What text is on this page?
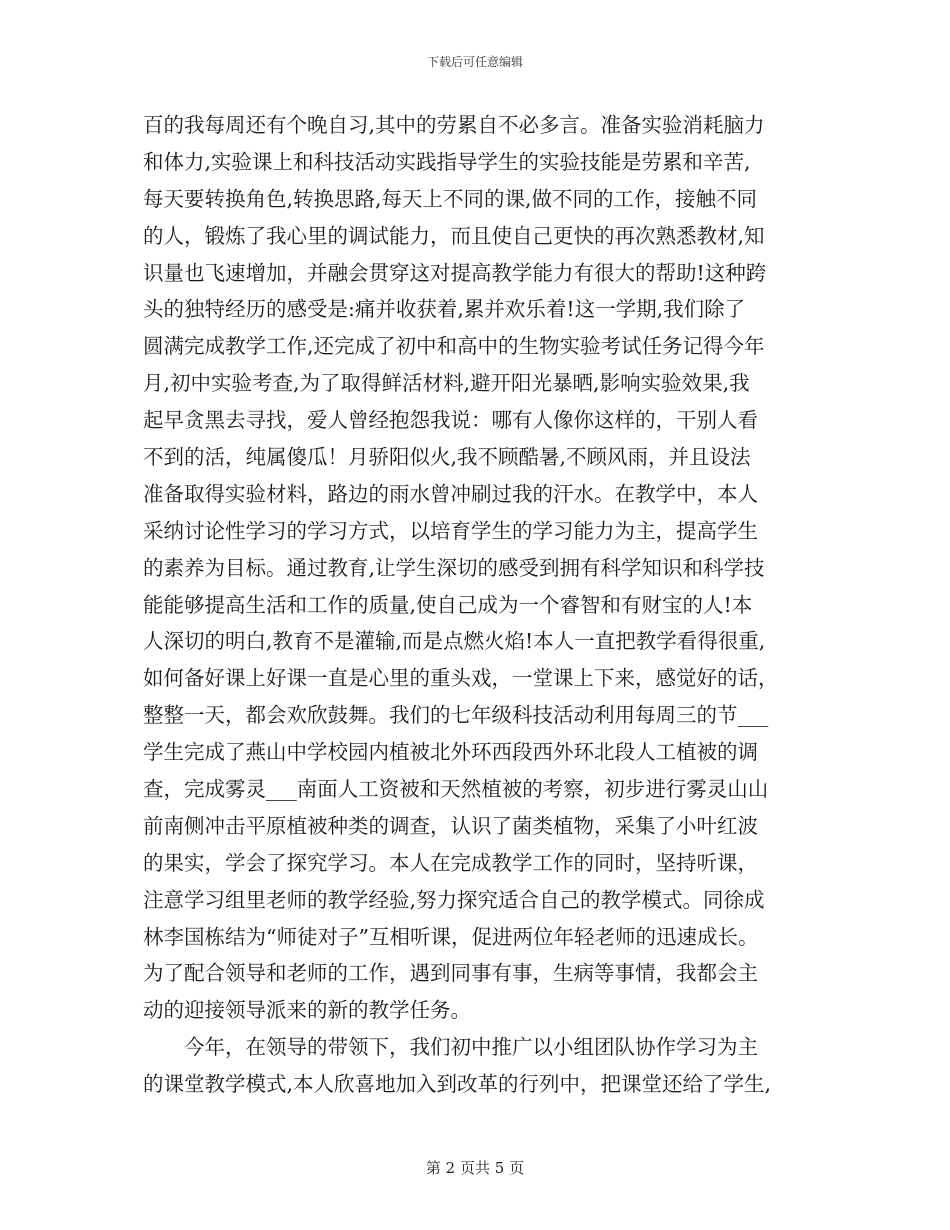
下载后可任意编辑
百的我每周还有个晚自习,其中的劳累自不必多言。准备实验消耗脑力
和体力,实验课上和科技活动实践指导学生的实验技能是劳累和辛苦,
每天要转换角色,转换思路,每天上不同的课,做不同的工作，接触不同
的人，锻炼了我心里的调试能力，而且使自己更快的再次熟悉教材,知
识量也飞速增加，并融会贯穿这对提高教学能力有很大的帮助!这种跨
头的独特经历的感受是:痛并收获着,累并欢乐着!这一学期,我们除了
圆满完成教学工作,还完成了初中和高中的生物实验考试任务记得今年
月,初中实验考查,为了取得鲜活材料,避开阳光暴晒,影响实验效果,我
起早贪黑去寻找，爱人曾经抱怨我说：哪有人像你这样的，干别人看
不到的活，纯属傻瓜！月骄阳似火,我不顾酷暑,不顾风雨，并且设法
准备取得实验材料，路边的雨水曾冲刷过我的汗水。在教学中，本人
采纳讨论性学习的学习方式，以培育学生的学习能力为主，提高学生
的素养为目标。通过教育,让学生深切的感受到拥有科学知识和科学技
能能够提高生活和工作的质量,使自己成为一个睿智和有财宝的人!本
人深切的明白,教育不是灌输,而是点燃火焰!本人一直把教学看得很重,
如何备好课上好课一直是心里的重头戏，一堂课上下来，感觉好的话，
整整一天，都会欢欣鼓舞。我们的七年级科技活动利用每周三的节___
学生完成了燕山中学校园内植被北外环西段西外环北段人工植被的调
查，完成雾灵___南面人工资被和天然植被的考察，初步进行雾灵山山
前南侧冲击平原植被种类的调查，认识了菌类植物，采集了小叶红波
的果实，学会了探究学习。本人在完成教学工作的同时，坚持听课，
注意学习组里老师的教学经验,努力探究适合自己的教学模式。同徐成
林李国栋结为“师徒对子”互相听课，促进两位年轻老师的迅速成长。
为了配合领导和老师的工作，遇到同事有事，生病等事情，我都会主
动的迎接领导派来的新的教学任务。
今年，在领导的带领下，我们初中推广以小组团队协作学习为主
的课堂教学模式,本人欣喜地加入到改革的行列中，把课堂还给了学生,
第 2 页共 5 页
